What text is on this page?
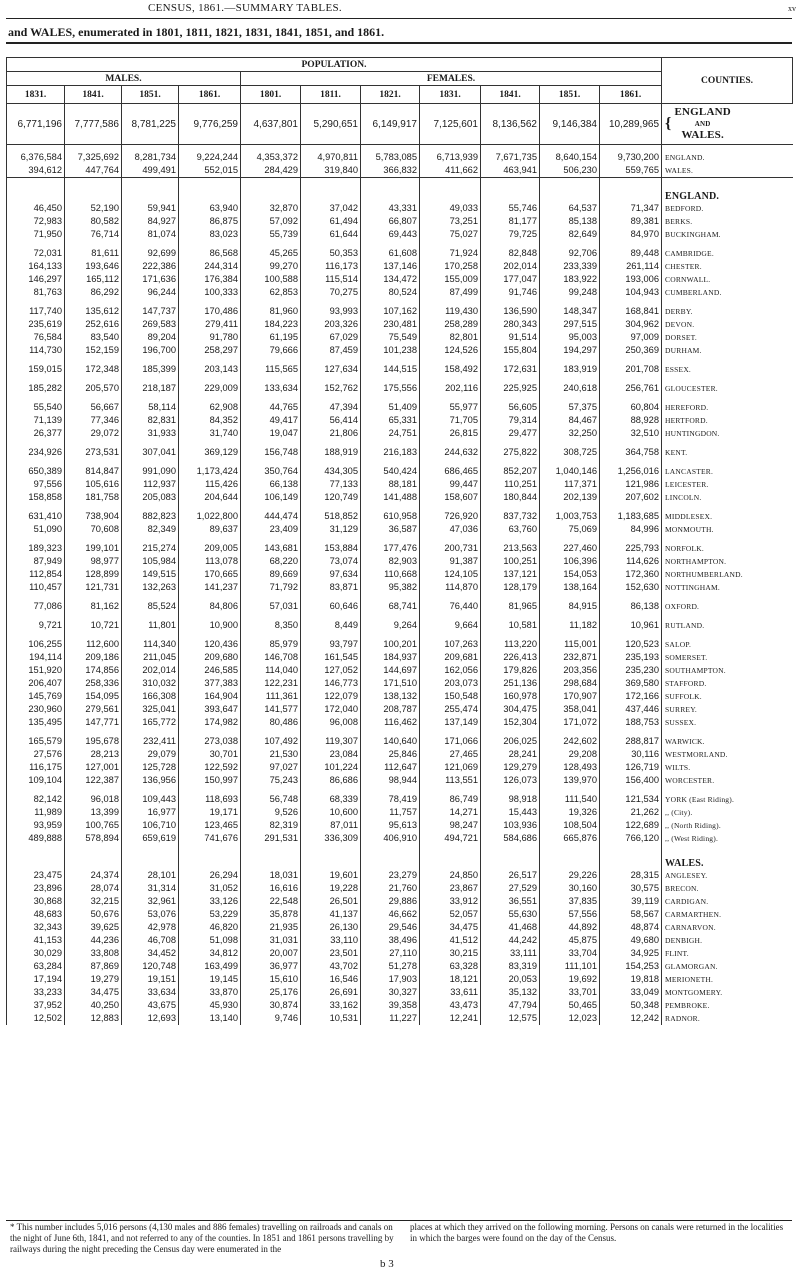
CENSUS, 1861.—SUMMARY TABLES.	xv
and WALES, enumerated in 1801, 1811, 1821, 1831, 1841, 1851, and 1861.
POPULATION.											COUNTIES.
MALES.				FEMALES.							
1831.	1841.	1851.	1861.	1801.	1811.	1821.	1831.	1841.	1851.	1861.	
6,771,196	7,777,586	8,781,225	9,776,259	4,637,801	5,290,651	6,149,917	7,125,601	8,136,562	9,146,384	10,289,965	{ ENGLAND
AND
WALES.

6,376,584	7,325,692	8,281,734	9,224,244	4,353,372	4,970,811	5,783,085	6,713,939	7,671,735	8,640,154	9,730,200	ENGLAND.
394,612	447,764	499,491	552,015	284,429	319,840	366,832	411,662	463,941	506,230	559,765	WALES.

											ENGLAND.
46,450	52,190	59,941	63,940	32,870	37,042	43,331	49,033	55,746	64,537	71,347	BEDFORD.
72,983	80,582	84,927	86,875	57,092	61,494	66,807	73,251	81,177	85,138	89,381	BERKS.
71,950	76,714	81,074	83,023	55,739	61,644	69,443	75,027	79,725	82,649	84,970	BUCKINGHAM.

72,031	81,611	92,699	86,568	45,265	50,353	61,608	71,924	82,848	92,706	89,448	CAMBRIDGE.
164,133	193,646	222,386	244,314	99,270	116,173	137,146	170,258	202,014	233,339	261,114	CHESTER.
146,297	165,112	171,636	176,384	100,588	115,514	134,472	155,009	177,047	183,922	193,006	CORNWALL.
81,763	86,292	96,244	100,333	62,853	70,275	80,524	87,499	91,746	99,248	104,943	CUMBERLAND.

117,740	135,612	147,737	170,486	81,960	93,993	107,162	119,430	136,590	148,347	168,841	DERBY.
235,619	252,616	269,583	279,411	184,223	203,326	230,481	258,289	280,343	297,515	304,962	DEVON.
76,584	83,540	89,204	91,780	61,195	67,029	75,549	82,801	91,514	95,003	97,009	DORSET.
114,730	152,159	196,700	258,297	79,666	87,459	101,238	124,526	155,804	194,297	250,369	DURHAM.

159,015	172,348	185,399	203,143	115,565	127,634	144,515	158,492	172,631	183,919	201,708	ESSEX.

185,282	205,570	218,187	229,009	133,634	152,762	175,556	202,116	225,925	240,618	256,761	GLOUCESTER.

55,540	56,667	58,114	62,908	44,765	47,394	51,409	55,977	56,605	57,375	60,804	HEREFORD.
71,139	77,346	82,831	84,352	49,417	56,414	65,331	71,705	79,314	84,467	88,928	HERTFORD.
26,377	29,072	31,933	31,740	19,047	21,806	24,751	26,815	29,477	32,250	32,510	HUNTINGDON.

234,926	273,531	307,041	369,129	156,748	188,919	216,183	244,632	275,822	308,725	364,758	KENT.

650,389	814,847	991,090	1,173,424	350,764	434,305	540,424	686,465	852,207	1,040,146	1,256,016	LANCASTER.
97,556	105,616	112,937	115,426	66,138	77,133	88,181	99,447	110,251	117,371	121,986	LEICESTER.
158,858	181,758	205,083	204,644	106,149	120,749	141,488	158,607	180,844	202,139	207,602	LINCOLN.

631,410	738,904	882,823	1,022,800	444,474	518,852	610,958	726,920	837,732	1,003,753	1,183,685	MIDDLESEX.
51,090	70,608	82,349	89,637	23,409	31,129	36,587	47,036	63,760	75,069	84,996	MONMOUTH.

189,323	199,101	215,274	209,005	143,681	153,884	177,476	200,731	213,563	227,460	225,793	NORFOLK.
87,949	98,977	105,984	113,078	68,220	73,074	82,903	91,387	100,251	106,396	114,626	NORTHAMPTON.
112,854	128,899	149,515	170,665	89,669	97,634	110,668	124,105	137,121	154,053	172,360	NORTHUMBERLAND.
110,457	121,731	132,263	141,237	71,792	83,871	95,382	114,870	128,179	138,164	152,630	NOTTINGHAM.

77,086	81,162	85,524	84,806	57,031	60,646	68,741	76,440	81,965	84,915	86,138	OXFORD.

9,721	10,721	11,801	10,900	8,350	8,449	9,264	9,664	10,581	11,182	10,961	RUTLAND.

106,255	112,600	114,340	120,436	85,979	93,797	100,201	107,263	113,220	115,001	120,523	SALOP.
194,114	209,186	211,045	209,680	146,708	161,545	184,937	209,681	226,413	232,871	235,193	SOMERSET.
151,920	174,856	202,014	246,585	114,040	127,052	144,697	162,056	179,826	203,356	235,230	SOUTHAMPTON.
206,407	258,336	310,032	377,383	122,231	146,773	171,510	203,073	251,136	298,684	369,580	STAFFORD.
145,769	154,095	166,308	164,904	111,361	122,079	138,132	150,548	160,978	170,907	172,166	SUFFOLK.
230,960	279,561	325,041	393,647	141,577	172,040	208,787	255,474	304,475	358,041	437,446	SURREY.
135,495	147,771	165,772	174,982	80,486	96,008	116,462	137,149	152,304	171,072	188,753	SUSSEX.

165,579	195,678	232,411	273,038	107,492	119,307	140,640	171,066	206,025	242,602	288,817	WARWICK.
27,576	28,213	29,079	30,701	21,530	23,084	25,846	27,465	28,241	29,208	30,116	WESTMORLAND.
116,175	127,001	125,728	122,592	97,027	101,224	112,647	121,069	129,279	128,493	126,719	WILTS.
109,104	122,387	136,956	150,997	75,243	86,686	98,944	113,551	126,073	139,970	156,400	WORCESTER.

82,142	96,018	109,443	118,693	56,748	68,339	78,419	86,749	98,918	111,540	121,534	YORK (East Riding).
11,989	13,399	16,977	19,171	9,526	10,600	11,757	14,271	15,443	19,326	21,262	,, (City).
93,959	100,765	106,710	123,465	82,319	87,011	95,613	98,247	103,936	108,504	122,689	,, (North Riding).
489,888	578,894	659,619	741,676	291,531	336,309	406,910	494,721	584,686	665,876	766,120	,, (West Riding).

											WALES.
23,475	24,374	28,101	26,294	18,031	19,601	23,279	24,850	26,517	29,226	28,315	ANGLESEY.
23,896	28,074	31,314	31,052	16,616	19,228	21,760	23,867	27,529	30,160	30,575	BRECON.
30,868	32,215	32,961	33,126	22,548	26,501	29,886	33,912	36,551	37,835	39,119	CARDIGAN.
48,683	50,676	53,076	53,229	35,878	41,137	46,662	52,057	55,630	57,556	58,567	CARMARTHEN.
32,343	39,625	42,978	46,820	21,935	26,130	29,546	34,475	41,468	44,892	48,874	CARNARVON.
41,153	44,236	46,708	51,098	31,031	33,110	38,496	41,512	44,242	45,875	49,680	DENBIGH.
30,029	33,808	34,452	34,812	20,007	23,501	27,110	30,215	33,111	33,704	34,925	FLINT.
63,284	87,869	120,748	163,499	36,977	43,702	51,278	63,328	83,319	111,101	154,253	GLAMORGAN.
17,194	19,279	19,151	19,145	15,610	16,546	17,903	18,121	20,053	19,692	19,818	MERIONETH.
33,233	34,475	33,634	33,870	25,176	26,691	30,327	33,611	35,132	33,701	33,049	MONTGOMERY.
37,952	40,250	43,675	45,930	30,874	33,162	39,358	43,473	47,794	50,465	50,348	PEMBROKE.
12,502	12,883	12,693	13,140	9,746	10,531	11,227	12,241	12,575	12,023	12,242	RADNOR.
* This number includes 5,016 persons (4,130 males and 886 females) travelling on railroads and canals on the night of June 6th, 1841, and not referred to any of the counties. In 1851 and 1861 persons travelling by railways during the night preceding the Census day were enumerated in the
places at which they arrived on the following morning. Persons on canals were returned in the localities in which the barges were found on the day of the Census.
b 3
